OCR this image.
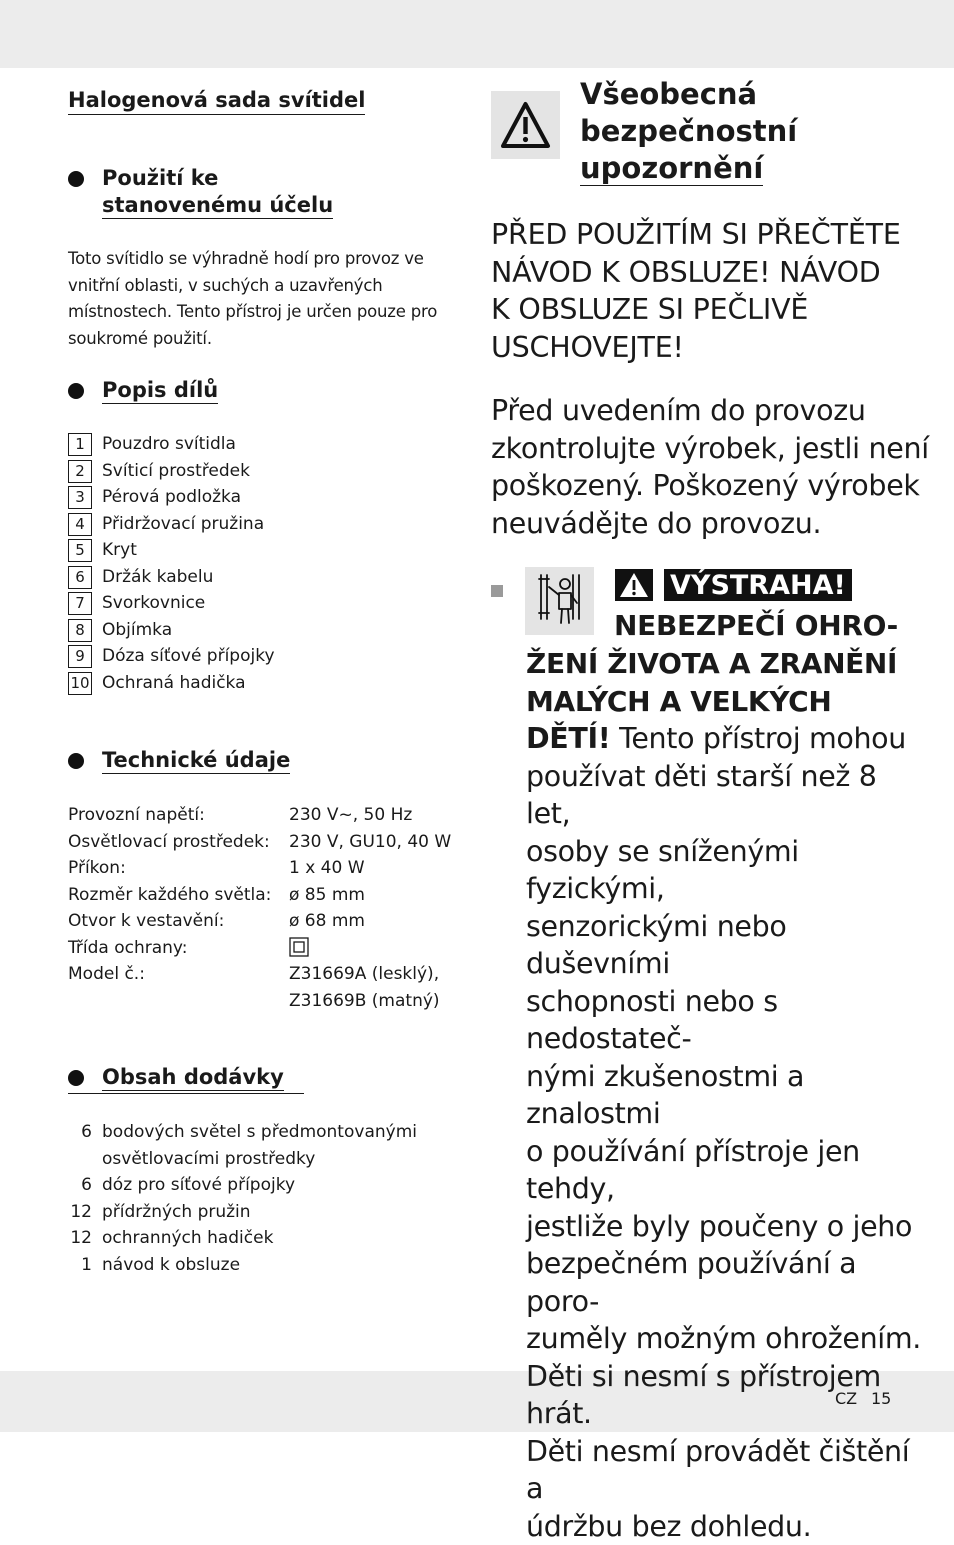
Halogenová sada svítidel
Použití ke
stanovenému účelu
Toto svítidlo se výhradně hodí pro provoz ve vnitřní oblasti, v suchých a uzavřených místnostech. Tento přístroj je určen pouze pro soukromé použití.
Popis dílů
1	Pouzdro svítidla
2	Svíticí prostředek
3	Pérová podložka
4	Přidržovací pružina
5	Kryt
6	Držák kabelu
7	Svorkovnice
8	Objímka
9	Dóza síťové přípojky
10 Ochraná hadička
Technické údaje
Provozní napětí:	230 V~, 50 Hz
Osvětlovací prostředek: 230 V, GU10, 40 W
Příkon:	1 x 40 W
Rozměr každého světla: ø 85 mm
Otvor k vestavění:	ø 68 mm
Třída ochrany:
Model č.:	Z31669A (lesklý),
Z31669B (matný)
Obsah dodávky
6 bodových světel s předmontovanými osvětlovacími prostředky
6 dóz pro síťové přípojky
12 přídržných pružin
12 ochranných hadiček
1 návod k obsluze
Všeobecná
bezpečnostní
upozornění
PŘED POUŽITÍM SI PŘEČTĚTE
NÁVOD K OBSLUZE! NÁVOD
K OBSLUZE SI PEČLIVĚ
USCHOVEJTE!
Před uvedením do provozu
zkontrolujte výrobek, jestli není
poškozený. Poškozený výrobek
neuvádějte do provozu.
VÝSTRAHA!
NEBEZPEČÍ OHRO-
ŽENÍ ŽIVOTA A ZRANĚNÍ
MALÝCH A VELKÝCH
DĚTÍ! Tento přístroj mohou
používat děti starší než 8 let,
osoby se sníženými fyzickými,
senzorickými nebo duševními
schopnosti nebo s nedostateč-
nými zkušenostmi a znalostmi
o používání přístroje jen tehdy,
jestliže byly poučeny o jeho
bezpečném používání a poro-
zuměly možným ohrožením.
Děti si nesmí s přístrojem hrát.
Děti nesmí provádět čištění a
údržbu bez dohledu.
CZ 15
